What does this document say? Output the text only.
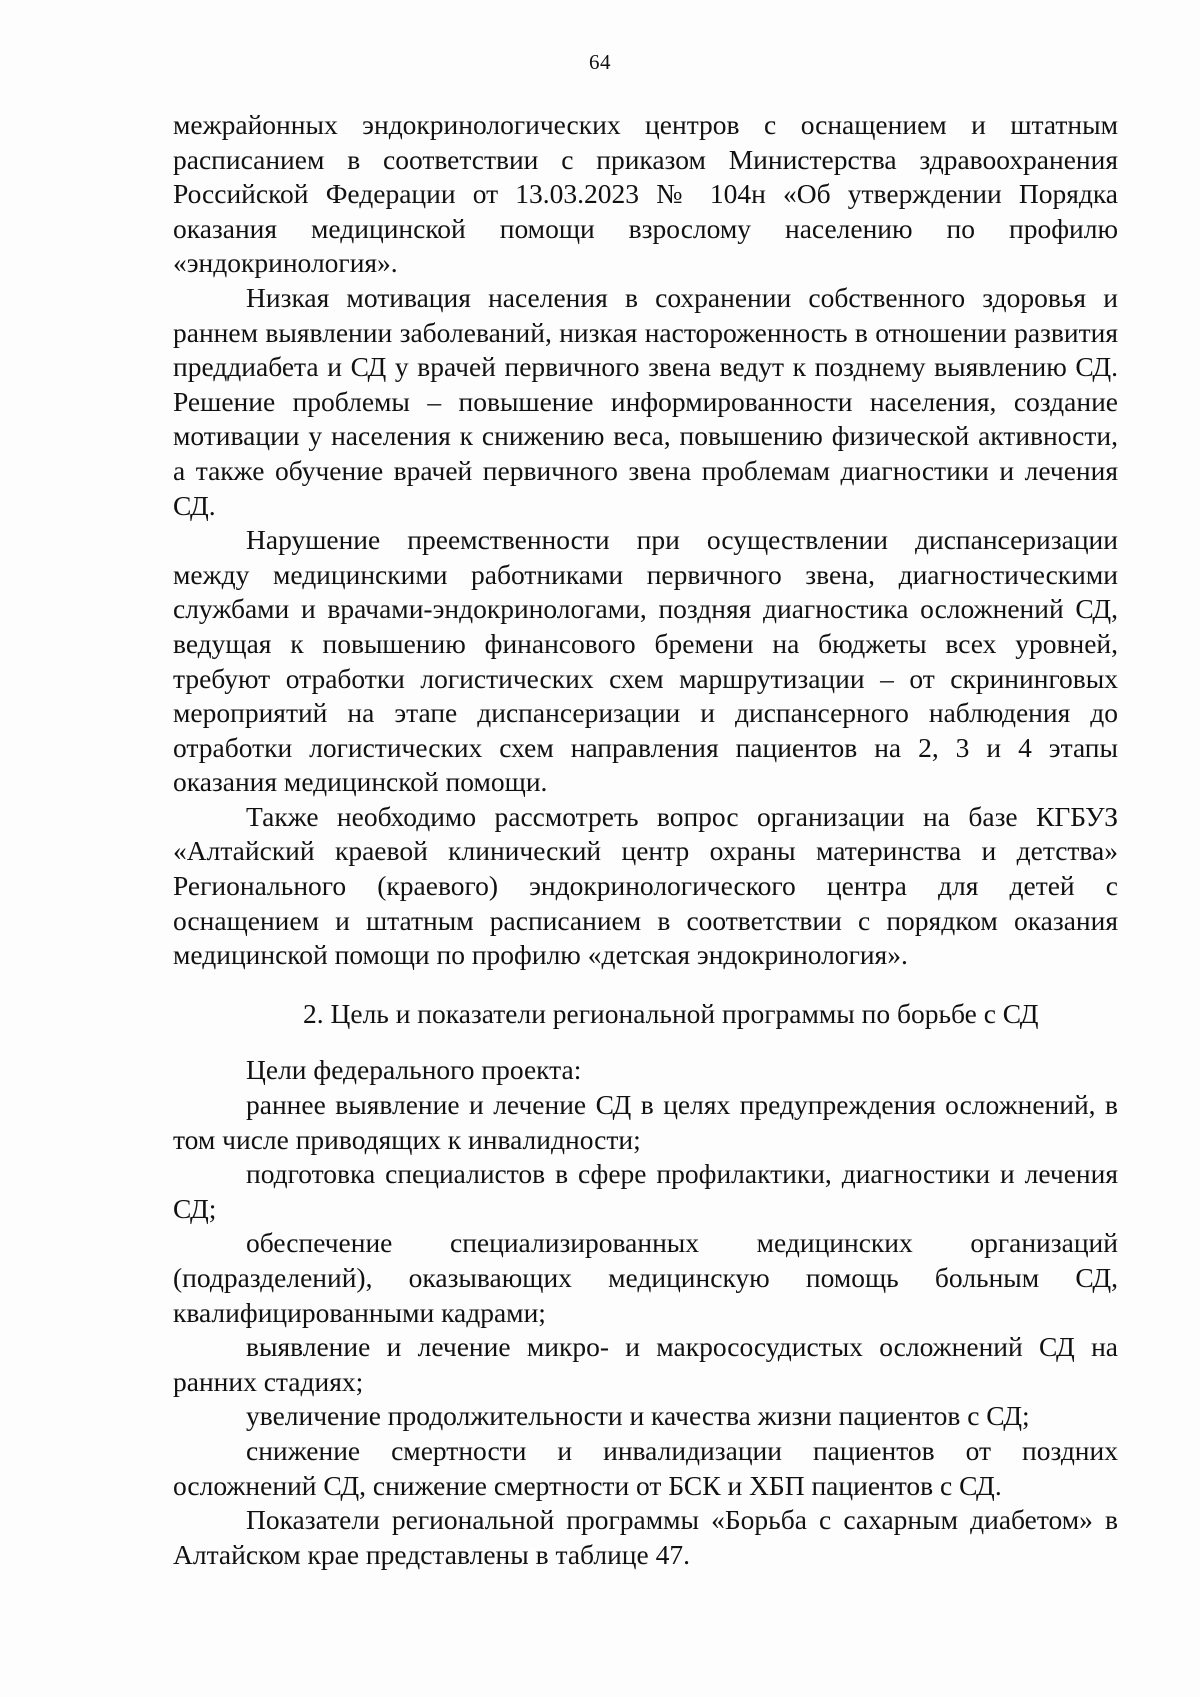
64

межрайонных эндокринологических центров с оснащением и штатным расписанием в соответствии с приказом Министерства здравоохранения Российской Федерации от 13.03.2023 № 104н «Об утверждении Порядка оказания медицинской помощи взрослому населению по профилю «эндокринология».

Низкая мотивация населения в сохранении собственного здоровья и раннем выявлении заболеваний, низкая настороженность в отношении развития преддиабета и СД у врачей первичного звена ведут к позднему выявлению СД. Решение проблемы – повышение информированности населения, создание мотивации у населения к снижению веса, повышению физической активности, а также обучение врачей первичного звена проблемам диагностики и лечения СД.

Нарушение преемственности при осуществлении диспансеризации между медицинскими работниками первичного звена, диагностическими службами и врачами-эндокринологами, поздняя диагностика осложнений СД, ведущая к повышению финансового бремени на бюджеты всех уровней, требуют отработки логистических схем маршрутизации – от скрининговых мероприятий на этапе диспансеризации и диспансерного наблюдения до отработки логистических схем направления пациентов на 2, 3 и 4 этапы оказания медицинской помощи.

Также необходимо рассмотреть вопрос организации на базе КГБУЗ «Алтайский краевой клинический центр охраны материнства и детства» Регионального (краевого) эндокринологического центра для детей с оснащением и штатным расписанием в соответствии с порядком оказания медицинской помощи по профилю «детская эндокринология».

2. Цель и показатели региональной программы по борьбе с СД

Цели федерального проекта:

раннее выявление и лечение СД в целях предупреждения осложнений, в том числе приводящих к инвалидности;

подготовка специалистов в сфере профилактики, диагностики и лечения СД;

обеспечение специализированных медицинских организаций (подразделений), оказывающих медицинскую помощь больным СД, квалифицированными кадрами;

выявление и лечение микро- и макрососудистых осложнений СД на ранних стадиях;

увеличение продолжительности и качества жизни пациентов с СД;

снижение смертности и инвалидизации пациентов от поздних осложнений СД, снижение смертности от БСК и ХБП пациентов с СД.

Показатели региональной программы «Борьба с сахарным диабетом» в Алтайском крае представлены в таблице 47.
